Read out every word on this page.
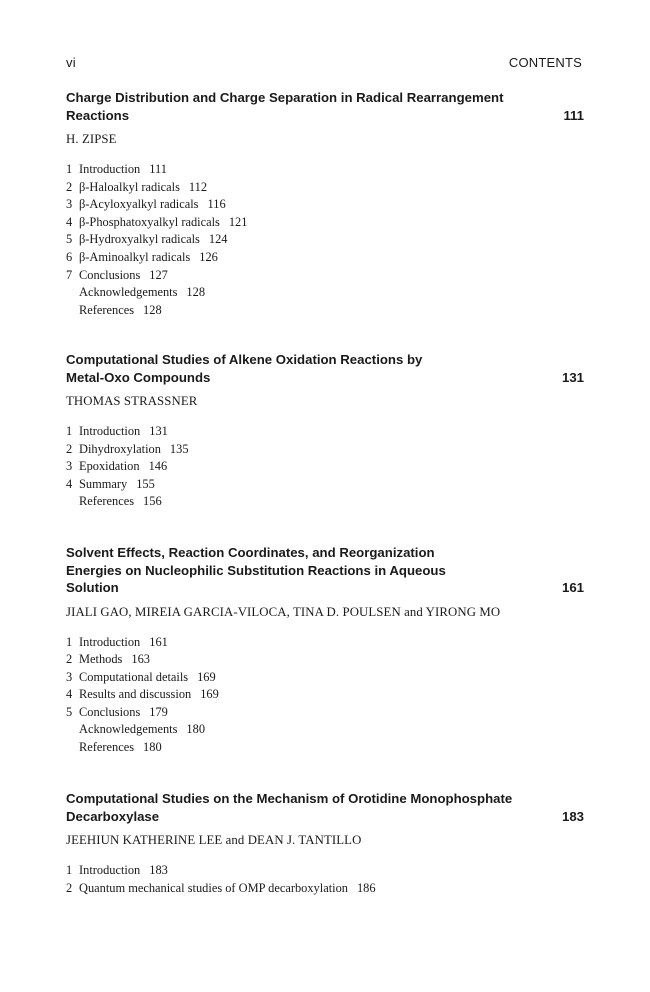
vi	CONTENTS

Charge Distribution and Charge Separation in Radical Rearrangement Reactions	111
H. ZIPSE
1 Introduction 111
2 β-Haloalkyl radicals 112
3 β-Acyloxyalkyl radicals 116
4 β-Phosphatoxyalkyl radicals 121
5 β-Hydroxyalkyl radicals 124
6 β-Aminoalkyl radicals 126
7 Conclusions 127
Acknowledgements 128
References 128

Computational Studies of Alkene Oxidation Reactions by Metal-Oxo Compounds	131
THOMAS STRASSNER
1 Introduction 131
2 Dihydroxylation 135
3 Epoxidation 146
4 Summary 155
References 156

Solvent Effects, Reaction Coordinates, and Reorganization Energies on Nucleophilic Substitution Reactions in Aqueous Solution	161
JIALI GAO, MIREIA GARCIA-VILOCA, TINA D. POULSEN and YIRONG MO
1 Introduction 161
2 Methods 163
3 Computational details 169
4 Results and discussion 169
5 Conclusions 179
Acknowledgements 180
References 180

Computational Studies on the Mechanism of Orotidine Monophosphate Decarboxylase	183
JEEHIUN KATHERINE LEE and DEAN J. TANTILLO
1 Introduction 183
2 Quantum mechanical studies of OMP decarboxylation 186
